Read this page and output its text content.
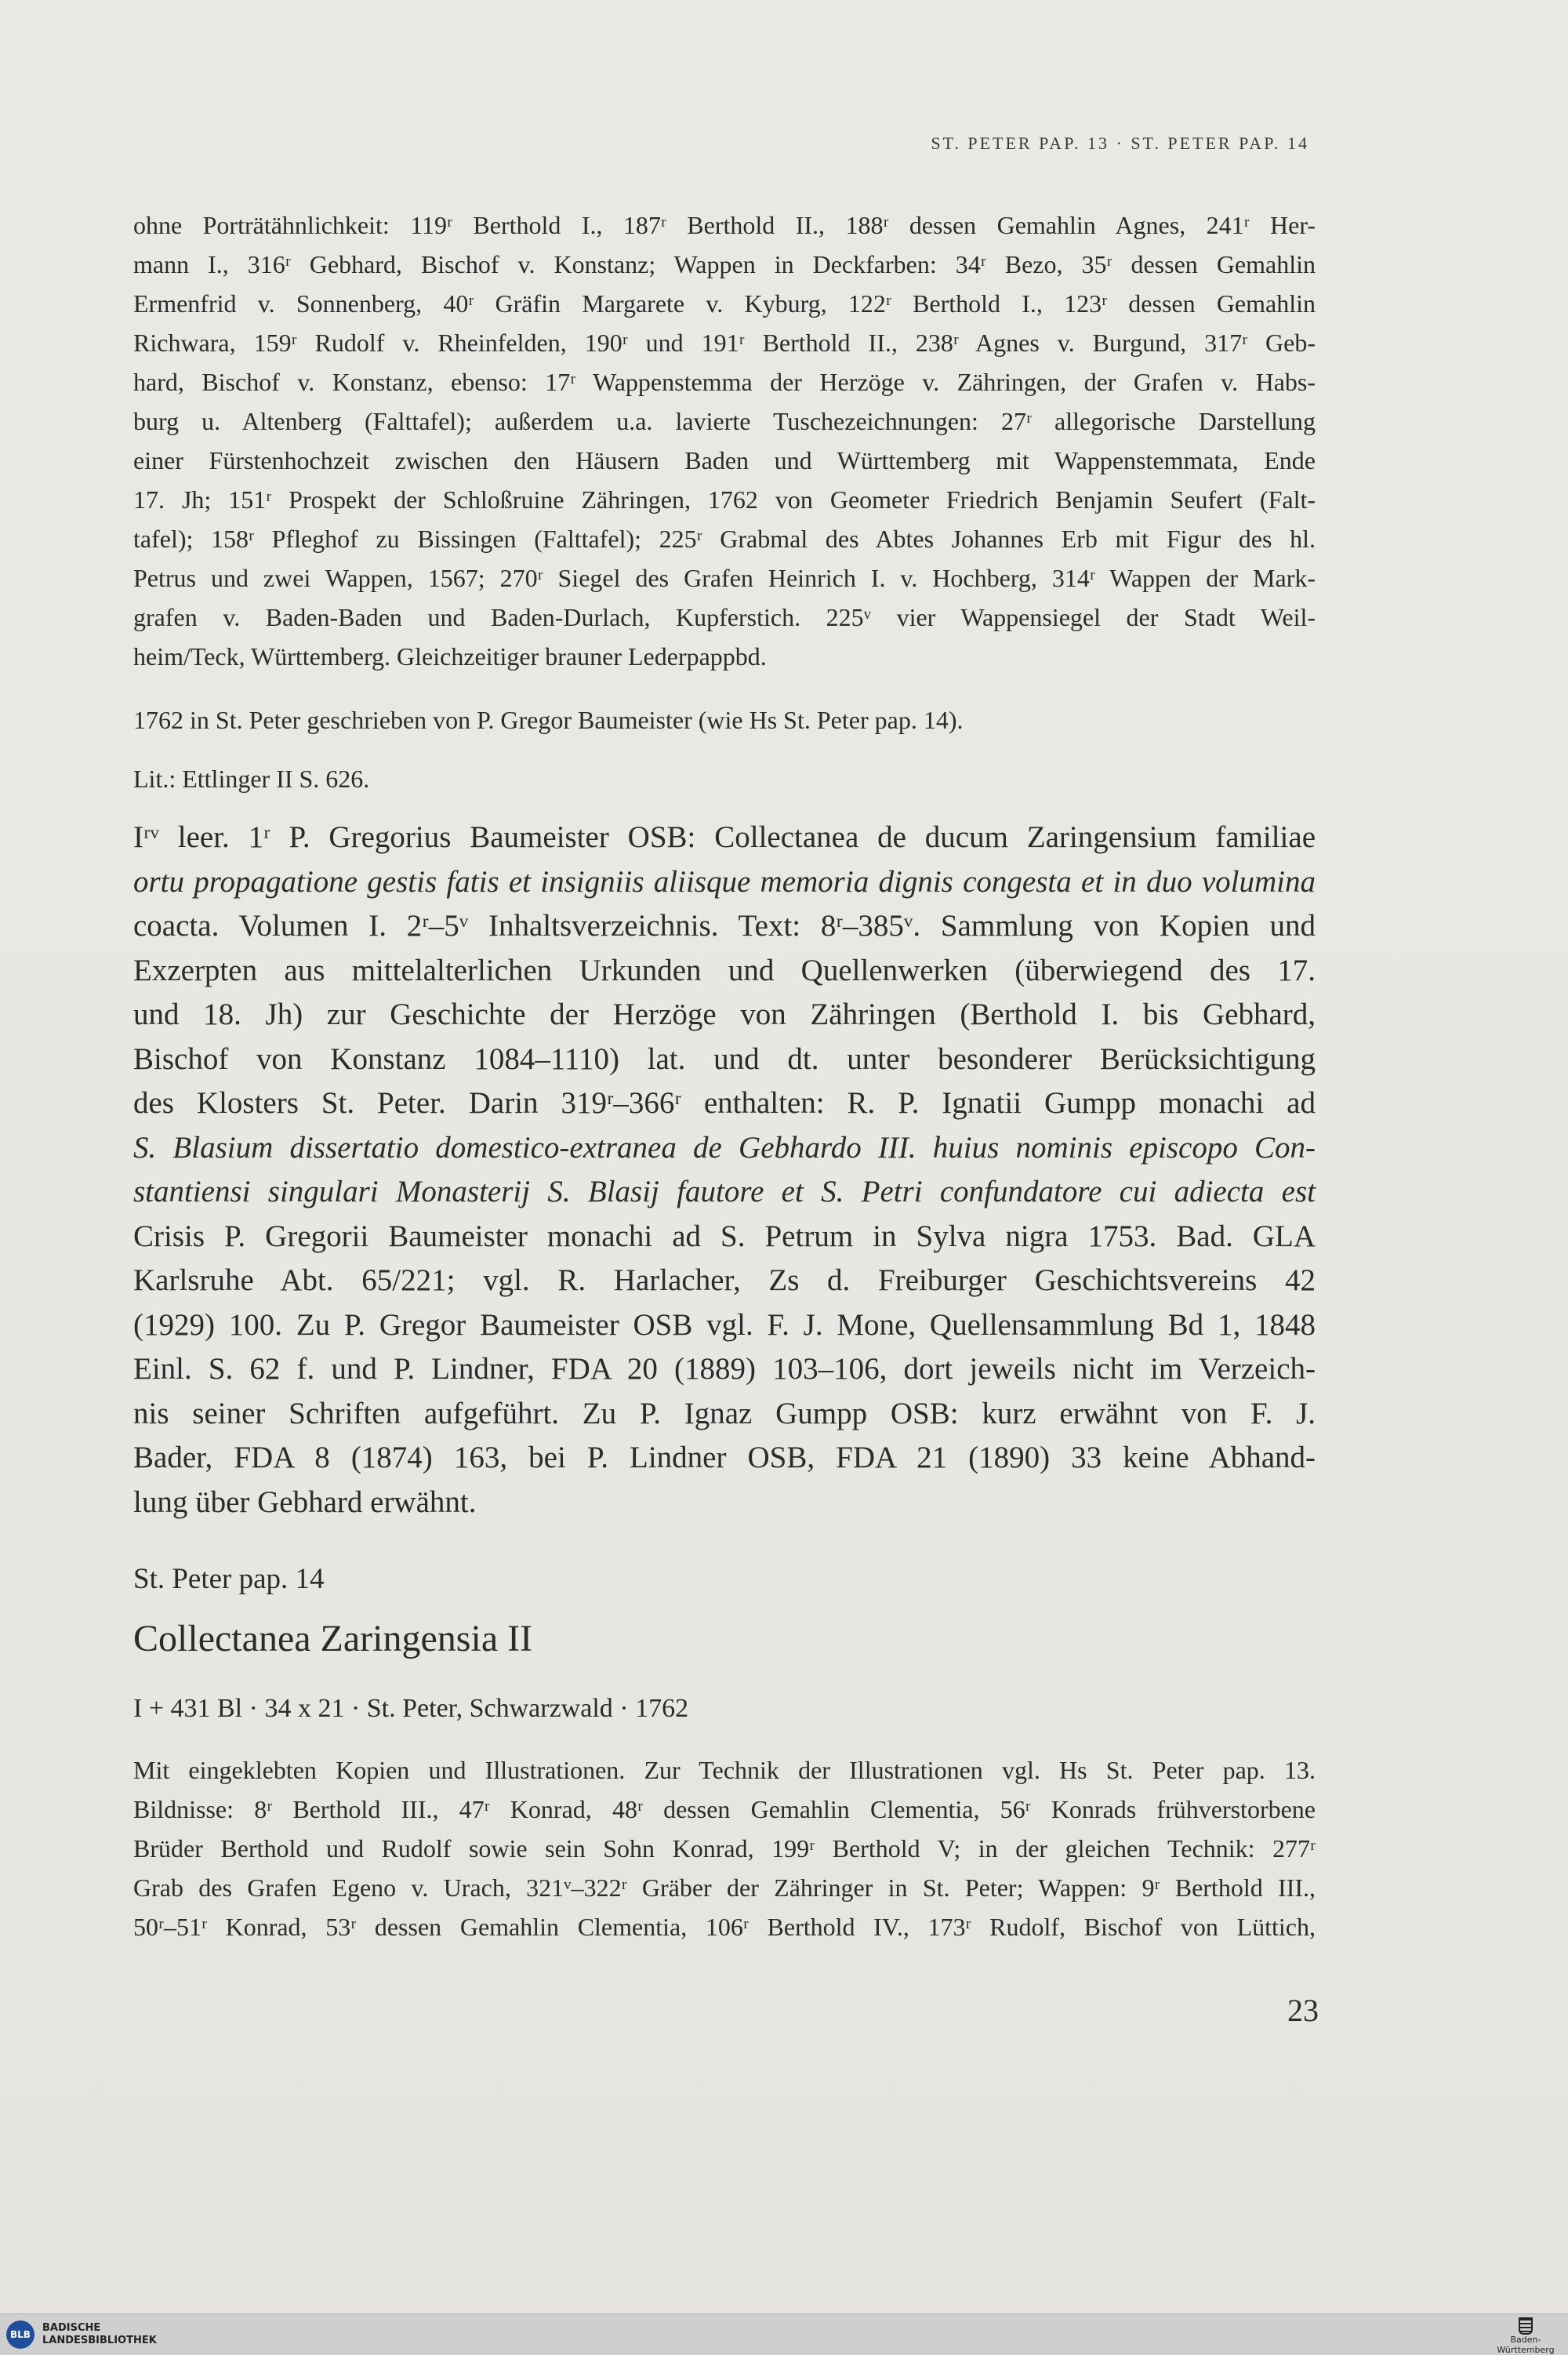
ST. PETER PAP. 13 · ST. PETER PAP. 14
ohne Porträtähnlichkeit: 119ʳ Berthold I., 187ʳ Berthold II., 188ʳ dessen Gemahlin Agnes, 241ʳ Her-
mann I., 316ʳ Gebhard, Bischof v. Konstanz; Wappen in Deckfarben: 34ʳ Bezo, 35ʳ dessen Gemahlin
Ermenfrid v. Sonnenberg, 40ʳ Gräfin Margarete v. Kyburg, 122ʳ Berthold I., 123ʳ dessen Gemahlin
Richwara, 159ʳ Rudolf v. Rheinfelden, 190ʳ und 191ʳ Berthold II., 238ʳ Agnes v. Burgund, 317ʳ Geb-
hard, Bischof v. Konstanz, ebenso: 17ʳ Wappenstemma der Herzöge v. Zähringen, der Grafen v. Habs-
burg u. Altenberg (Falttafel); außerdem u.a. lavierte Tuschezeichnungen: 27ʳ allegorische Darstellung
einer Fürstenhochzeit zwischen den Häusern Baden und Württemberg mit Wappenstemmata, Ende
17. Jh; 151ʳ Prospekt der Schloßruine Zähringen, 1762 von Geometer Friedrich Benjamin Seufert (Falt-
tafel); 158ʳ Pfleghof zu Bissingen (Falttafel); 225ʳ Grabmal des Abtes Johannes Erb mit Figur des hl.
Petrus und zwei Wappen, 1567; 270ʳ Siegel des Grafen Heinrich I. v. Hochberg, 314ʳ Wappen der Mark-
grafen v. Baden-Baden und Baden-Durlach, Kupferstich. 225ᵛ vier Wappensiegel der Stadt Weil-
heim/Teck, Württemberg. Gleichzeitiger brauner Lederpappbd.
1762 in St. Peter geschrieben von P. Gregor Baumeister (wie Hs St. Peter pap. 14).
Lit.: Ettlinger II S. 626.
Iʳᵛ leer. 1ʳ P. Gregorius Baumeister OSB: Collectanea de ducum Zaringensium familiae
ortu propagatione gestis fatis et insigniis aliisque memoria dignis congesta et in duo volumina
coacta. Volumen I. 2ʳ–5ᵛ Inhaltsverzeichnis. Text: 8ʳ–385ᵛ. Sammlung von Kopien und
Exzerpten aus mittelalterlichen Urkunden und Quellenwerken (überwiegend des 17.
und 18. Jh) zur Geschichte der Herzöge von Zähringen (Berthold I. bis Gebhard,
Bischof von Konstanz 1084–1110) lat. und dt. unter besonderer Berücksichtigung
des Klosters St. Peter. Darin 319ʳ–366ʳ enthalten: R. P. Ignatii Gumpp monachi ad
S. Blasium dissertatio domestico-extranea de Gebhardo III. huius nominis episcopo Con-
stantiensi singulari Monasterij S. Blasij fautore et S. Petri confundatore cui adiecta est
Crisis P. Gregorii Baumeister monachi ad S. Petrum in Sylva nigra 1753. Bad. GLA
Karlsruhe Abt. 65/221; vgl. R. Harlacher, Zs d. Freiburger Geschichtsvereins 42
(1929) 100. Zu P. Gregor Baumeister OSB vgl. F. J. Mone, Quellensammlung Bd 1, 1848
Einl. S. 62 f. und P. Lindner, FDA 20 (1889) 103–106, dort jeweils nicht im Verzeich-
nis seiner Schriften aufgeführt. Zu P. Ignaz Gumpp OSB: kurz erwähnt von F. J.
Bader, FDA 8 (1874) 163, bei P. Lindner OSB, FDA 21 (1890) 33 keine Abhand-
lung über Gebhard erwähnt.
St. Peter pap. 14
Collectanea Zaringensia II
I + 431 Bl · 34 x 21 · St. Peter, Schwarzwald · 1762
Mit eingeklebten Kopien und Illustrationen. Zur Technik der Illustrationen vgl. Hs St. Peter pap. 13.
Bildnisse: 8ʳ Berthold III., 47ʳ Konrad, 48ʳ dessen Gemahlin Clementia, 56ʳ Konrads frühverstorbene
Brüder Berthold und Rudolf sowie sein Sohn Konrad, 199ʳ Berthold V; in der gleichen Technik: 277ʳ
Grab des Grafen Egeno v. Urach, 321ᵛ–322ʳ Gräber der Zähringer in St. Peter; Wappen: 9ʳ Berthold III.,
50ʳ–51ʳ Konrad, 53ʳ dessen Gemahlin Clementia, 106ʳ Berthold IV., 173ʳ Rudolf, Bischof von Lüttich,
23
BLB
BADISCHE
LANDESBIBLIOTHEK	Baden-Württemberg
